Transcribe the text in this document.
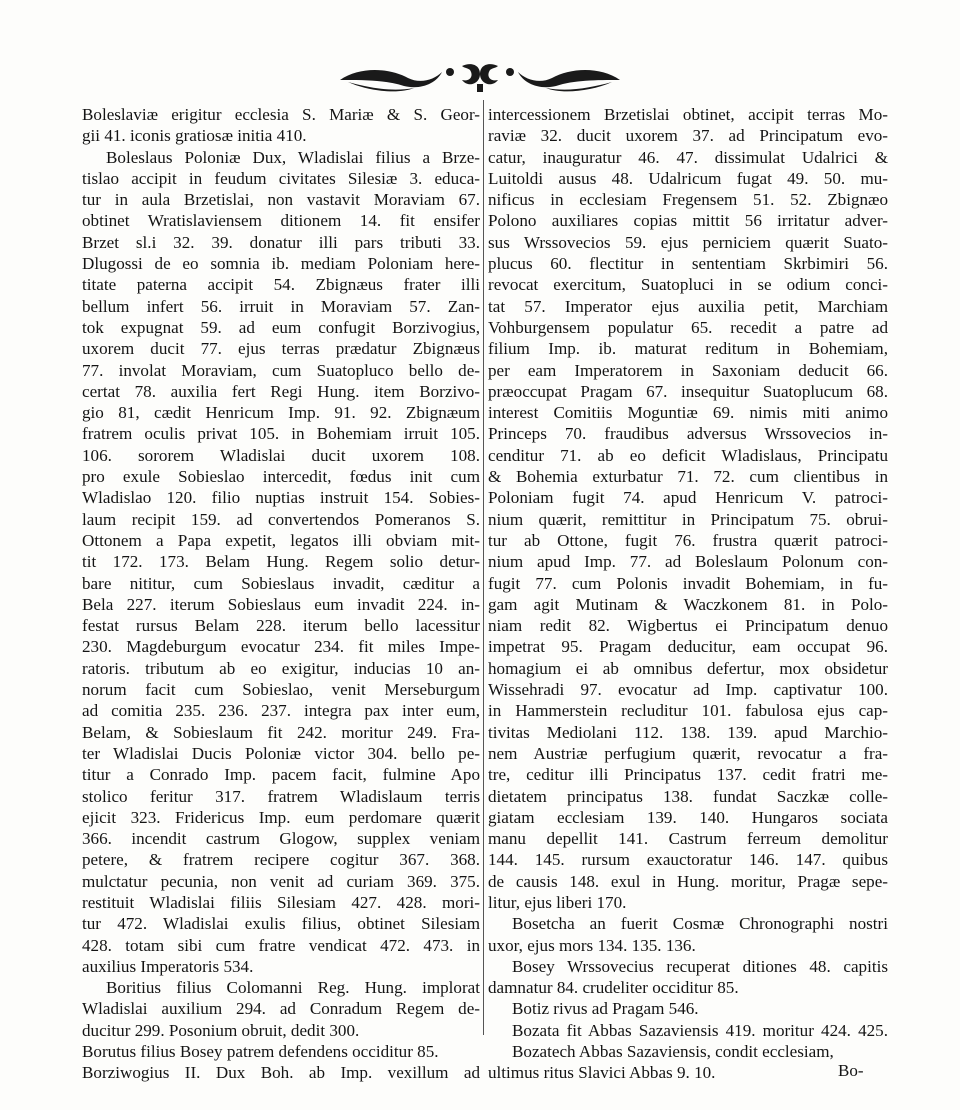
Boleslaviæ erigitur ecclesia S. Mariæ & S. Geor-
gii 41. iconis gratiosæ initia 410.
Boleslaus Poloniæ Dux, Wladislai filius a Brze-
tislao accipit in feudum civitates Silesiæ 3. educa-
tur in aula Brzetislai, non vastavit Moraviam 67.
obtinet Wratislaviensem ditionem 14. fit ensifer
Brzet sl.i 32. 39. donatur illi pars tributi 33.
Dlugossi de eo somnia ib. mediam Poloniam here-
titate paterna accipit 54. Zbignæus frater illi
bellum infert 56. irruit in Moraviam 57. Zan-
tok expugnat 59. ad eum confugit Borzivogius,
uxorem ducit 77. ejus terras prædatur Zbignæus
77. involat Moraviam, cum Suatopluco bello de-
certat 78. auxilia fert Regi Hung. item Borzivo-
gio 81, cædit Henricum Imp. 91. 92. Zbignæum
fratrem oculis privat 105. in Bohemiam irruit 105.
106. sororem Wladislai ducit uxorem 108.
pro exule Sobieslao intercedit, fœdus init cum
Wladislao 120. filio nuptias instruit 154. Sobies-
laum recipit 159. ad convertendos Pomeranos S.
Ottonem a Papa expetit, legatos illi obviam mit-
tit 172. 173. Belam Hung. Regem solio detur-
bare nititur, cum Sobieslaus invadit, cæditur a
Bela 227. iterum Sobieslaus eum invadit 224. in-
festat rursus Belam 228. iterum bello lacessitur
230. Magdeburgum evocatur 234. fit miles Impe-
ratoris. tributum ab eo exigitur, inducias 10 an-
norum facit cum Sobieslao, venit Merseburgum
ad comitia 235. 236. 237. integra pax inter eum,
Belam, & Sobieslaum fit 242. moritur 249. Fra-
ter Wladislai Ducis Poloniæ victor 304. bello pe-
titur a Conrado Imp. pacem facit, fulmine Apo
stolico feritur 317. fratrem Wladislaum terris
ejicit 323. Fridericus Imp. eum perdomare quærit
366. incendit castrum Glogow, supplex veniam
petere, & fratrem recipere cogitur 367. 368.
mulctatur pecunia, non venit ad curiam 369. 375.
restituit Wladislai filiis Silesiam 427. 428. mori-
tur 472. Wladislai exulis filius, obtinet Silesiam
428. totam sibi cum fratre vendicat 472. 473. in
auxilius Imperatoris 534.
Boritius filius Colomanni Reg. Hung. implorat
Wladislai auxilium 294. ad Conradum Regem de-
ducitur 299. Posonium obruit, dedit 300.
Borutus filius Bosey patrem defendens occiditur 85.
Borziwogius II. Dux Boh. ab Imp. vexillum ad
intercessionem Brzetislai obtinet, accipit terras Mo-
raviæ 32. ducit uxorem 37. ad Principatum evo-
catur, inauguratur 46. 47. dissimulat Udalrici &
Luitoldi ausus 48. Udalricum fugat 49. 50. mu-
nificus in ecclesiam Fregensem 51. 52. Zbignæo
Polono auxiliares copias mittit 56 irritatur adver-
sus Wrssovecios 59. ejus perniciem quærit Suato-
plucus 60. flectitur in sententiam Skrbimiri 56.
revocat exercitum, Suatopluci in se odium conci-
tat 57. Imperator ejus auxilia petit, Marchiam
Vohburgensem populatur 65. recedit a patre ad
filium Imp. ib. maturat reditum in Bohemiam,
per eam Imperatorem in Saxoniam deducit 66.
præoccupat Pragam 67. insequitur Suatoplucum 68.
interest Comitiis Moguntiæ 69. nimis miti animo
Princeps 70. fraudibus adversus Wrssovecios in-
cenditur 71. ab eo deficit Wladislaus, Principatu
& Bohemia exturbatur 71. 72. cum clientibus in
Poloniam fugit 74. apud Henricum V. patroci-
nium quærit, remittitur in Principatum 75. obrui-
tur ab Ottone, fugit 76. frustra quærit patroci-
nium apud Imp. 77. ad Boleslaum Polonum con-
fugit 77. cum Polonis invadit Bohemiam, in fu-
gam agit Mutinam & Waczkonem 81. in Polo-
niam redit 82. Wigbertus ei Principatum denuo
impetrat 95. Pragam deducitur, eam occupat 96.
homagium ei ab omnibus defertur, mox obsidetur
Wissehradi 97. evocatur ad Imp. captivatur 100.
in Hammerstein recluditur 101. fabulosa ejus cap-
tivitas Mediolani 112. 138. 139. apud Marchio-
nem Austriæ perfugium quærit, revocatur a fra-
tre, ceditur illi Principatus 137. cedit fratri me-
dietatem principatus 138. fundat Saczkæ colle-
giatam ecclesiam 139. 140. Hungaros sociata
manu depellit 141. Castrum ferreum demolitur
144. 145. rursum exauctoratur 146. 147. quibus
de causis 148. exul in Hung. moritur, Pragæ sepe-
litur, ejus liberi 170.
Bosetcha an fuerit Cosmæ Chronographi nostri
uxor, ejus mors 134. 135. 136.
Bosey Wrssovecius recuperat ditiones 48. capitis
damnatur 84. crudeliter occiditur 85.
Botiz rivus ad Pragam 546.
Bozata fit Abbas Sazaviensis 419. moritur 424. 425.
Bozatech Abbas Sazaviensis, condit ecclesiam,
ultimus ritus Slavici Abbas 9. 10.	Bo-
